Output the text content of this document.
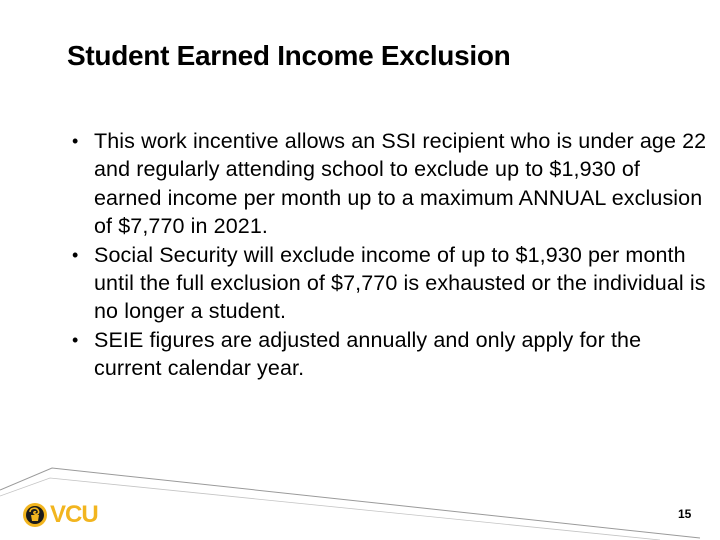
Student Earned Income Exclusion
• This work incentive allows an SSI recipient who is under age 22 and regularly attending school to exclude up to $1,930 of earned income per month up to a maximum ANNUAL exclusion of $7,770 in 2021.
• Social Security will exclude income of up to $1,930 per month until the full exclusion of $7,770 is exhausted or the individual is no longer a student.
• SEIE figures are adjusted annually and only apply for the current calendar year.
VCU	15
